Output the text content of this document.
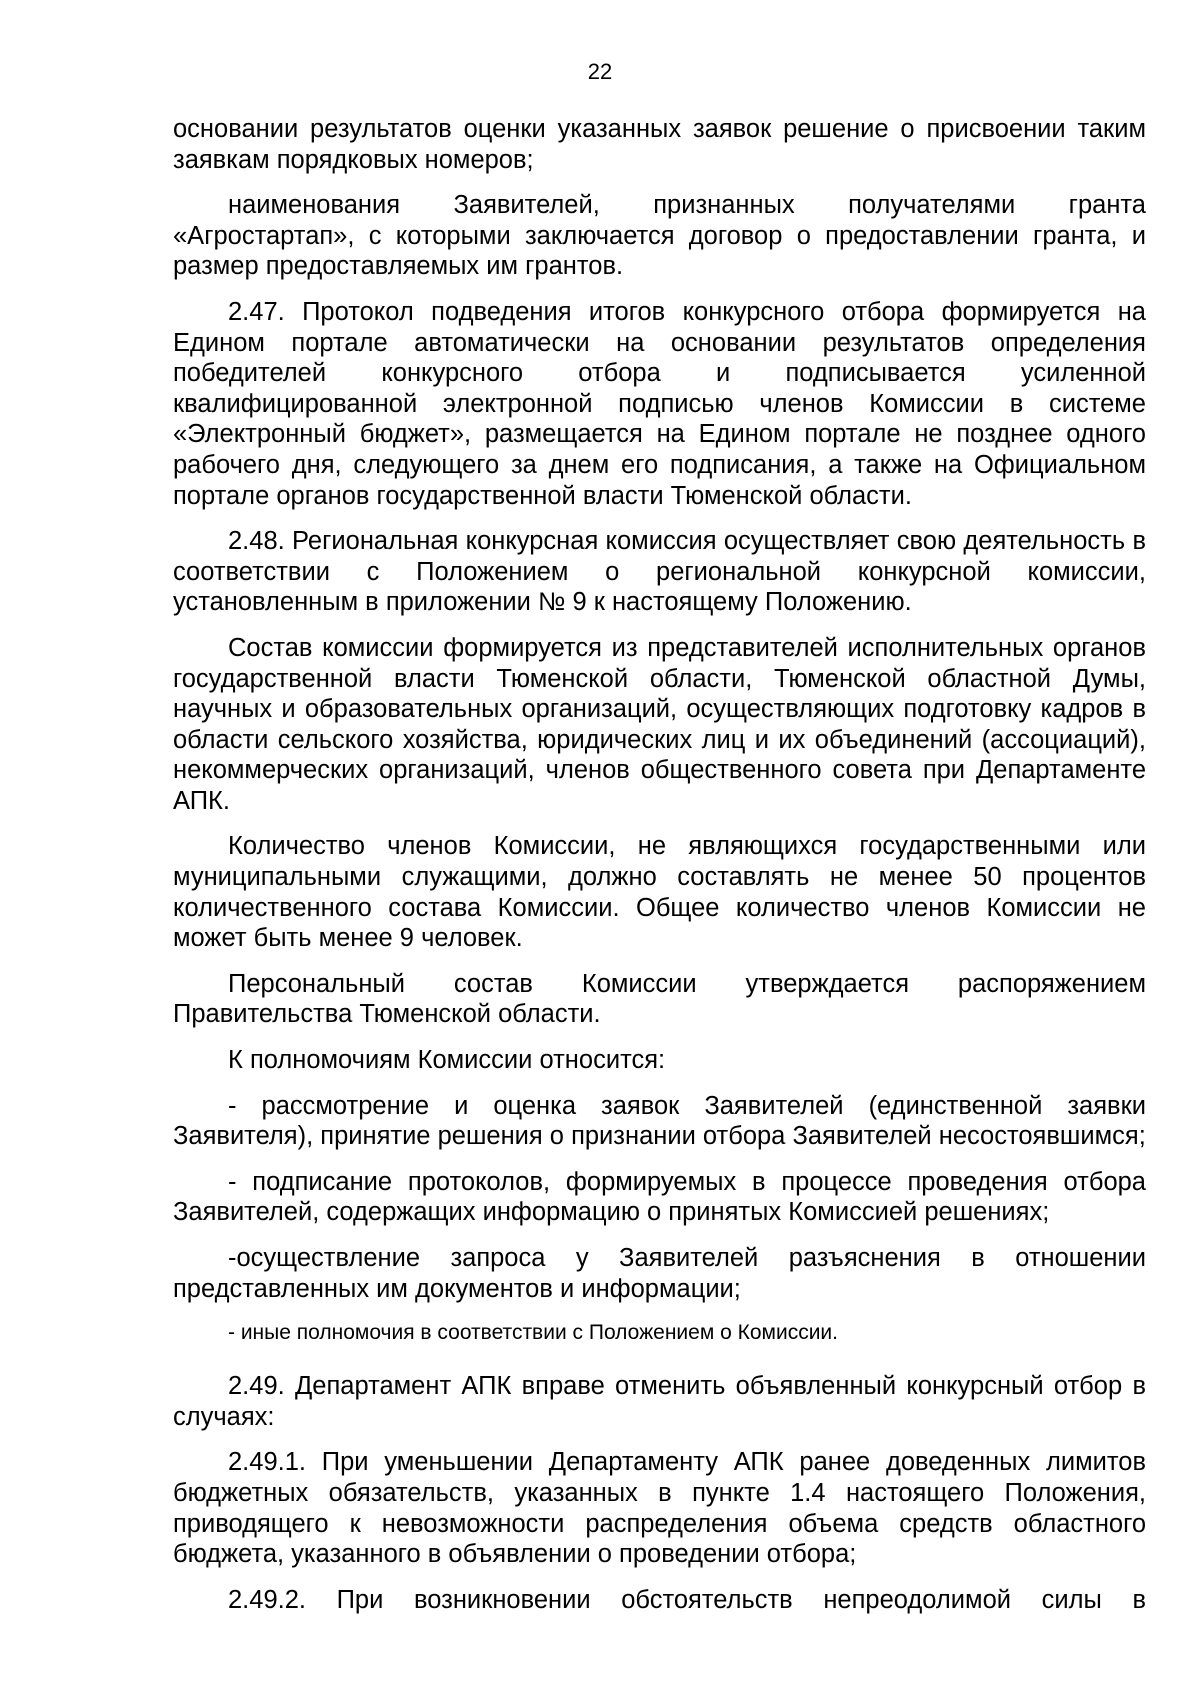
22

основании результатов оценки указанных заявок решение о присвоении таким заявкам порядковых номеров;

наименования Заявителей, признанных получателями гранта «Агростартап», с которыми заключается договор о предоставлении гранта, и размер предоставляемых им грантов.

2.47. Протокол подведения итогов конкурсного отбора формируется на Едином портале автоматически на основании результатов определения победителей конкурсного отбора и подписывается усиленной квалифицированной электронной подписью членов Комиссии в системе «Электронный бюджет», размещается на Едином портале не позднее одного рабочего дня, следующего за днем его подписания, а также на Официальном портале органов государственной власти Тюменской области.

2.48. Региональная конкурсная комиссия осуществляет свою деятельность в соответствии с Положением о региональной конкурсной комиссии, установленным в приложении № 9 к настоящему Положению.

Состав комиссии формируется из представителей исполнительных органов государственной власти Тюменской области, Тюменской областной Думы, научных и образовательных организаций, осуществляющих подготовку кадров в области сельского хозяйства, юридических лиц и их объединений (ассоциаций), некоммерческих организаций, членов общественного совета при Департаменте АПК.

Количество членов Комиссии, не являющихся государственными или муниципальными служащими, должно составлять не менее 50 процентов количественного состава Комиссии. Общее количество членов Комиссии не может быть менее 9 человек.

Персональный состав Комиссии утверждается распоряжением Правительства Тюменской области.

К полномочиям Комиссии относится:

- рассмотрение и оценка заявок Заявителей (единственной заявки Заявителя), принятие решения о признании отбора Заявителей несостоявшимся;

- подписание протоколов, формируемых в процессе проведения отбора Заявителей, содержащих информацию о принятых Комиссией решениях;

-осуществление запроса у Заявителей разъяснения в отношении представленных им документов и информации;

- иные полномочия в соответствии с Положением о Комиссии.

2.49. Департамент АПК вправе отменить объявленный конкурсный отбор в случаях:

2.49.1. При уменьшении Департаменту АПК ранее доведенных лимитов бюджетных обязательств, указанных в пункте 1.4 настоящего Положения, приводящего к невозможности распределения объема средств областного бюджета, указанного в объявлении о проведении отбора;

2.49.2. При возникновении обстоятельств непреодолимой силы в
